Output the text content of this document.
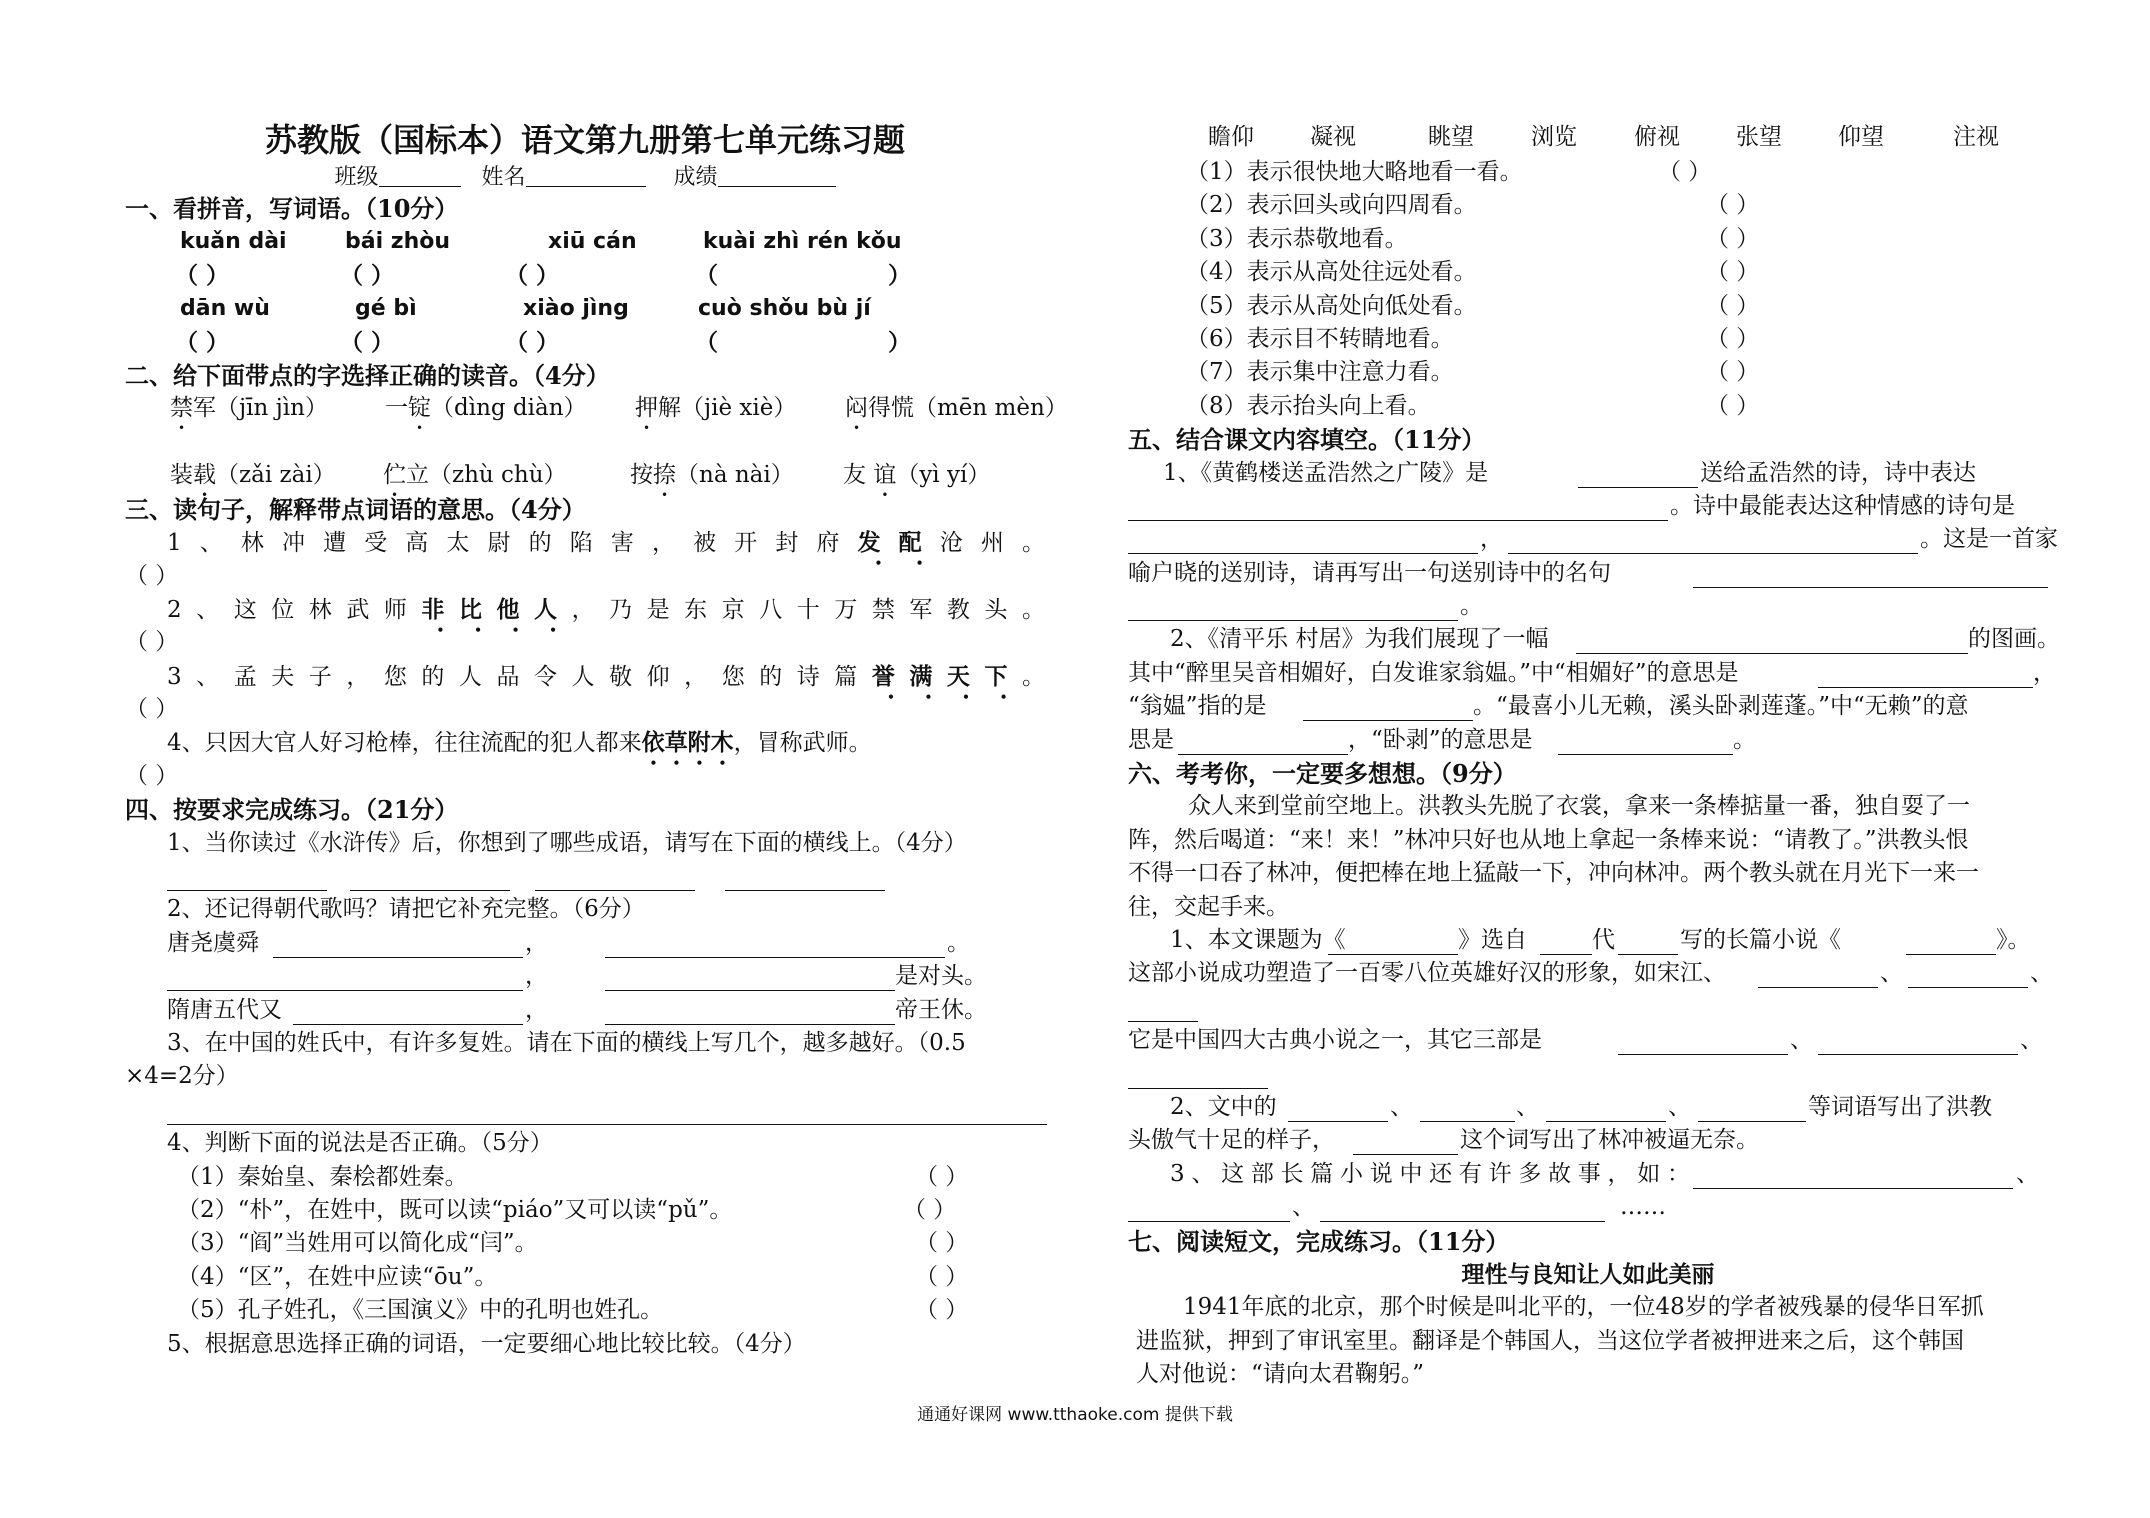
苏教版（国标本）语文第九册第七单元练习题
班级	姓名	成绩
一、看拼音，写词语。（10分）
kuǎn dài	bái zhòu	xiū cán	kuài zhì rén kǒu
（ ）	（ ）	（ ）	（	）
dān wù	gé bì	xiào jìng	cuò shǒu bù jí
（ ）	（ ）	（ ）	（	）
二、给下面带点的字选择正确的读音。（4分）
禁军（jīn jìn） 一锭（dìng diàn） 押解（jiè xiè） 闷得慌（mēn mèn）
装载（zǎi zài） 伫立（zhù chù）	按捺（nà nài） 友 谊（yì yí）
三、读句子，解释带点词语的意思。（4分）
1、林冲遭受高太尉的陷害，被开封府发配沧州。
（ ）
2、这位林武师非比他人，乃是东京八十万禁军教头。
（ ）
3、孟夫子，您的人品令人敬仰，您的诗篇誉满天下。
（ ）
4、只因大官人好习枪棒，往往流配的犯人都来依草附木，冒称武师。
（ ）
四、按要求完成练习。（21分）
1、当你读过《水浒传》后，你想到了哪些成语，请写在下面的横线上。（4分）
2、还记得朝代歌吗？请把它补充完整。（6分）
唐尧虞舜	，	。
，	是对头。
隋唐五代又	，	帝王休。
3、在中国的姓氏中，有许多复姓。请在下面的横线上写几个，越多越好。（0.5
×4=2分）
4、判断下面的说法是否正确。（5分）
（1）秦始皇、秦桧都姓秦。	（ ）
（2）“朴”，在姓中，既可以读“piáo”又可以读“pǔ”。	（ ）
（3）“阎”当姓用可以简化成“闫”。	（ ）
（4）“区”，在姓中应读“ōu”。	（ ）
（5）孔子姓孔，《三国演义》中的孔明也姓孔。	（ ）
5、根据意思选择正确的词语，一定要细心地比较比较。（4分）
瞻仰 凝视	眺望 浏览 俯视 张望 仰望	注视
（1）表示很快地大略地看一看。	（ ）
（2）表示回头或向四周看。	（ ）
（3）表示恭敬地看。	（ ）
（4）表示从高处往远处看。	（ ）
（5）表示从高处向低处看。	（ ）
（6）表示目不转睛地看。	（ ）
（7）表示集中注意力看。	（ ）
（8）表示抬头向上看。	（ ）
五、结合课文内容填空。（11分）
1、《黄鹤楼送孟浩然之广陵》是	送给孟浩然的诗，诗中表达
。诗中最能表达这种情感的诗句是
，	。这是一首家
喻户晓的送别诗，请再写出一句送别诗中的名句
。
2、《清平乐 村居》为我们展现了一幅	的图画。
其中“醉里吴音相媚好，白发谁家翁媪。”中“相媚好”的意思是	，
“翁媪”指的是	。“最喜小儿无赖，溪头卧剥莲蓬。”中“无赖”的意
思是	，“卧剥”的意思是	。
六、考考你，一定要多想想。（9分）
众人来到堂前空地上。洪教头先脱了衣裳，拿来一条棒掂量一番，独自耍了一
阵，然后喝道：“来！来！”林冲只好也从地上拿起一条棒来说：“请教了。”洪教头恨
不得一口吞了林冲，便把棒在地上猛敲一下，冲向林冲。两个教头就在月光下一来一
往，交起手来。
1、本文课题为《	》选自	代	写的长篇小说《	》。
这部小说成功塑造了一百零八位英雄好汉的形象，如宋江、	、	、
它是中国四大古典小说之一，其它三部是	、	、
2、文中的	、	、	、	等词语写出了洪教
头傲气十足的样子，	这个词写出了林冲被逼无奈。
3、这部长篇小说中还有许多故事，如：	、
、	……
七、阅读短文，完成练习。（11分）
理性与良知让人如此美丽
1941年底的北京，那个时候是叫北平的，一位48岁的学者被残暴的侵华日军抓
进监狱，押到了审讯室里。翻译是个韩国人，当这位学者被押进来之后，这个韩国
人对他说：“请向太君鞠躬。”
通通好课网 www.tthaoke.com 提供下载
